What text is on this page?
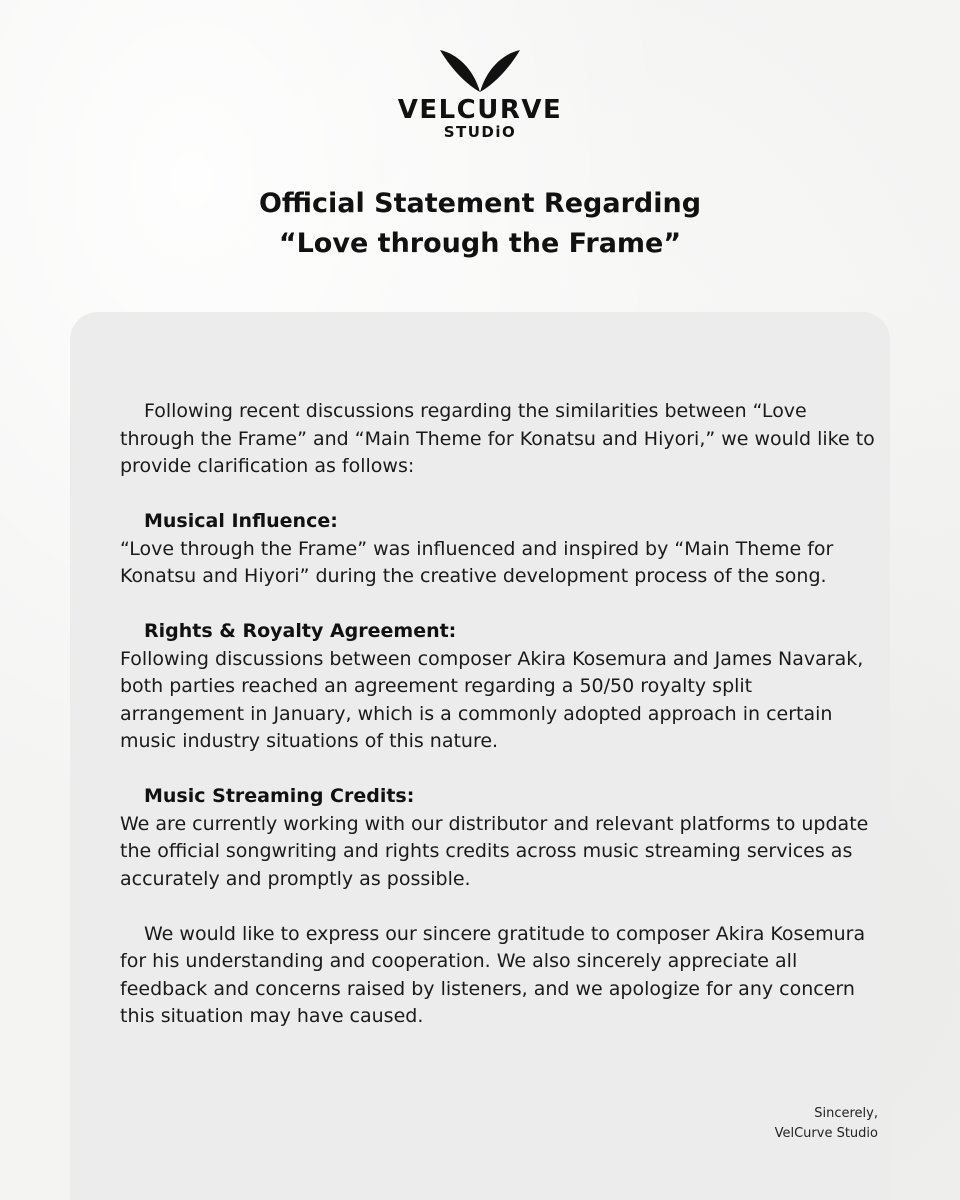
VELCURVE
STUDiO
Official Statement Regarding
“Love through the Frame”

Following recent discussions regarding the similarities between “Love through the Frame” and “Main Theme for Konatsu and Hiyori,” we would like to provide clarification as follows:

Musical Influence:
“Love through the Frame” was influenced and inspired by “Main Theme for Konatsu and Hiyori” during the creative development process of the song.

Rights & Royalty Agreement:
Following discussions between composer Akira Kosemura and James Navarak, both parties reached an agreement regarding a 50/50 royalty split arrangement in January, which is a commonly adopted approach in certain music industry situations of this nature.

Music Streaming Credits:
We are currently working with our distributor and relevant platforms to update the official songwriting and rights credits across music streaming services as accurately and promptly as possible.

We would like to express our sincere gratitude to composer Akira Kosemura for his understanding and cooperation. We also sincerely appreciate all feedback and concerns raised by listeners, and we apologize for any concern this situation may have caused.

Sincerely,
VelCurve Studio
